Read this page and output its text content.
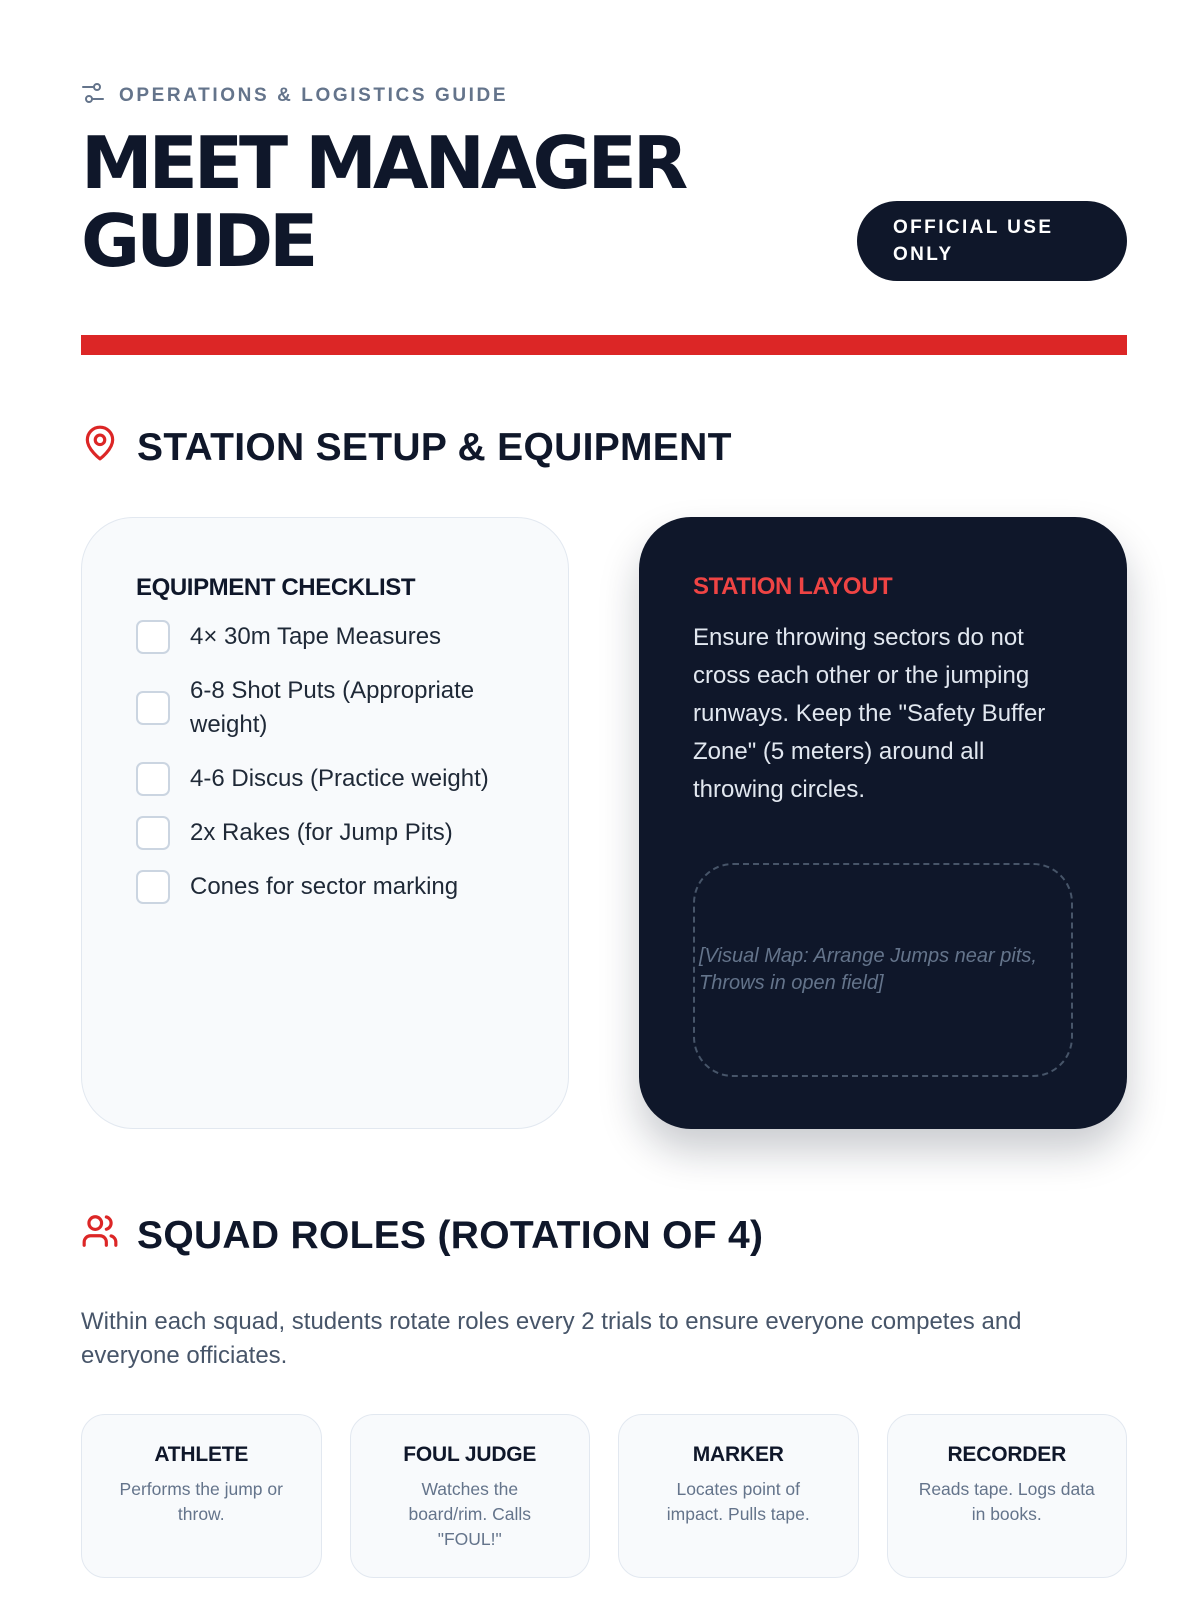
OPERATIONS & LOGISTICS GUIDE
MEET MANAGER GUIDE	OFFICIAL USE ONLY
STATION SETUP & EQUIPMENT
EQUIPMENT CHECKLIST
4× 30m Tape Measures
6-8 Shot Puts (Appropriate weight)
4-6 Discus (Practice weight)
2x Rakes (for Jump Pits)
Cones for sector marking
STATION LAYOUT

Ensure throwing sectors do not cross each other or the jumping runways. Keep the "Safety Buffer Zone" (5 meters) around all throwing circles.

[Visual Map: Arrange Jumps near pits, Throws in open field]
SQUAD ROLES (ROTATION OF 4)

Within each squad, students rotate roles every 2 trials to ensure everyone competes and everyone officiates.

ATHLETE

Performs the jump or throw.

FOUL JUDGE

Watches the board/rim. Calls "FOUL!"

MARKER

Locates point of impact. Pulls tape.

RECORDER

Reads tape. Logs data in books.
